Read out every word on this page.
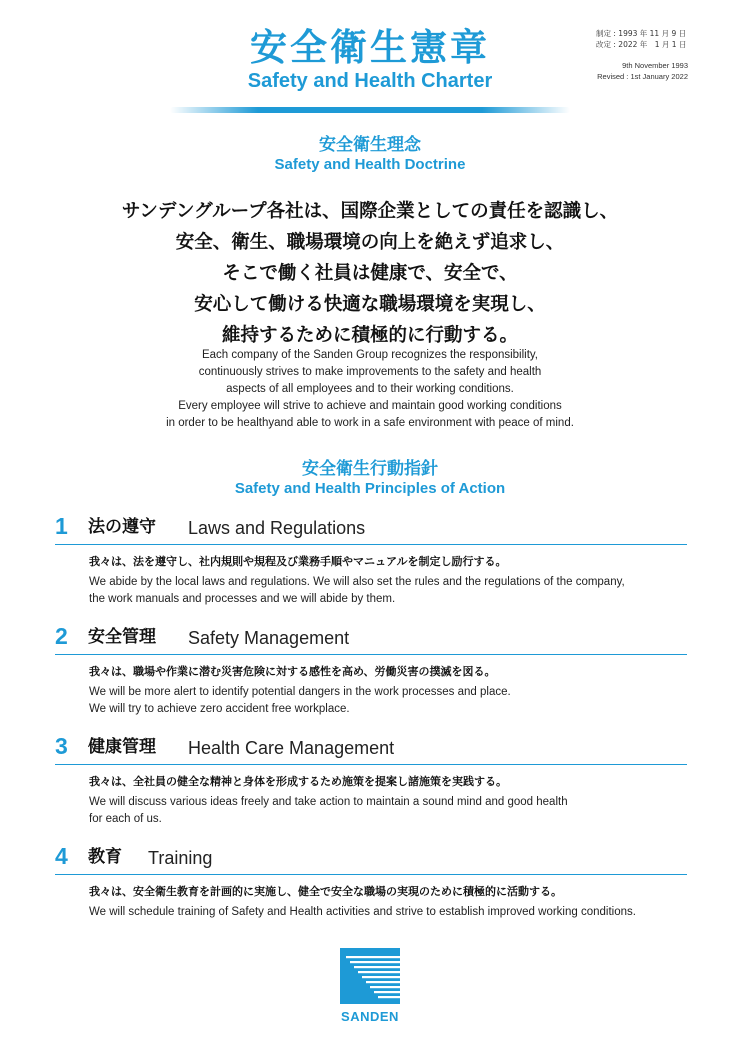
安全衛生憲章
Safety and Health Charter
制定 : 1993 年 11 月 9 日
改定 : 2022 年　1 月 1 日
9th November 1993
Revised : 1st January 2022
安全衛生理念
Safety and Health Doctrine
サンデングループ各社は、国際企業としての責任を認識し、
安全、衛生、職場環境の向上を絶えず追求し、
そこで働く社員は健康で、安全で、
安心して働ける快適な職場環境を実現し、
維持するために積極的に行動する。
Each company of the Sanden Group recognizes the responsibility,
continuously strives to make improvements to the safety and health
aspects of all employees and to their working conditions.
Every employee will strive to achieve and maintain good working conditions
in order to be healthyand able to work in a safe environment with peace of mind.
安全衛生行動指針
Safety and Health Principles of Action
1 法の遵守 Laws and Regulations
我々は、法を遵守し、社内規則や規程及び業務手順やマニュアルを制定し励行する。
We abide by the local laws and regulations. We will also set the rules and the regulations of the company,
the work manuals and processes and we will abide by them.
2 安全管理 Safety Management
我々は、職場や作業に潜む災害危険に対する感性を高め、労働災害の撲滅を図る。
We will be more alert to identify potential dangers in the work processes and place.
We will try to achieve zero accident free workplace.
3 健康管理 Health Care Management
我々は、全社員の健全な精神と身体を形成するため施策を提案し諸施策を実践する。
We will discuss various ideas freely and take action to maintain a sound mind and good health
for each of us.
4 教育 Training
我々は、安全衛生教育を計画的に実施し、健全で安全な職場の実現のために積極的に活動する。
We will schedule training of Safety and Health activities and strive to establish improved working conditions.
SANDEN
